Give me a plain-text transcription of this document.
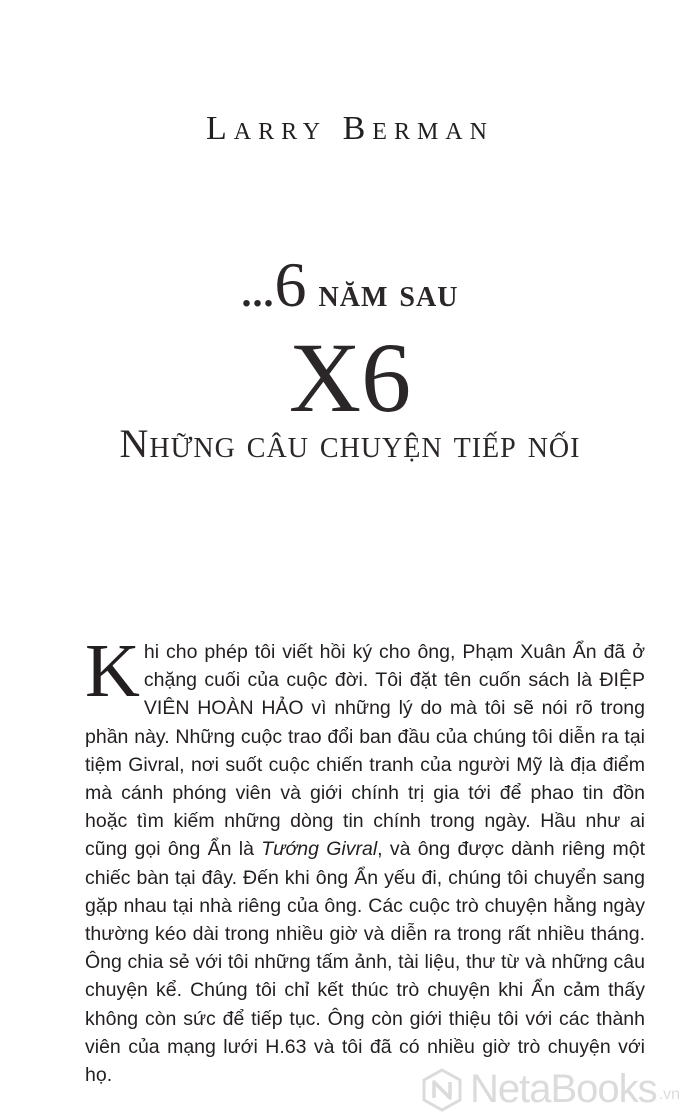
Larry Berman
...6 năm sau
X6
Những câu chuyện tiếp nối
Khi cho phép tôi viết hồi ký cho ông, Phạm Xuân Ẩn đã ở chặng cuối của cuộc đời. Tôi đặt tên cuốn sách là ĐIỆP VIÊN HOÀN HẢO vì những lý do mà tôi sẽ nói rõ trong phần này. Những cuộc trao đổi ban đầu của chúng tôi diễn ra tại tiệm Givral, nơi suốt cuộc chiến tranh của người Mỹ là địa điểm mà cánh phóng viên và giới chính trị gia tới để phao tin đồn hoặc tìm kiếm những dòng tin chính trong ngày. Hầu như ai cũng gọi ông Ẩn là Tướng Givral, và ông được dành riêng một chiếc bàn tại đây. Đến khi ông Ẩn yếu đi, chúng tôi chuyển sang gặp nhau tại nhà riêng của ông. Các cuộc trò chuyện hằng ngày thường kéo dài trong nhiều giờ và diễn ra trong rất nhiều tháng. Ông chia sẻ với tôi những tấm ảnh, tài liệu, thư từ và những câu chuyện kể. Chúng tôi chỉ kết thúc trò chuyện khi Ẩn cảm thấy không còn sức để tiếp tục. Ông còn giới thiệu tôi với các thành viên của mạng lưới H.63 và tôi đã có nhiều giờ trò chuyện với họ.	NetaBooks .vn
